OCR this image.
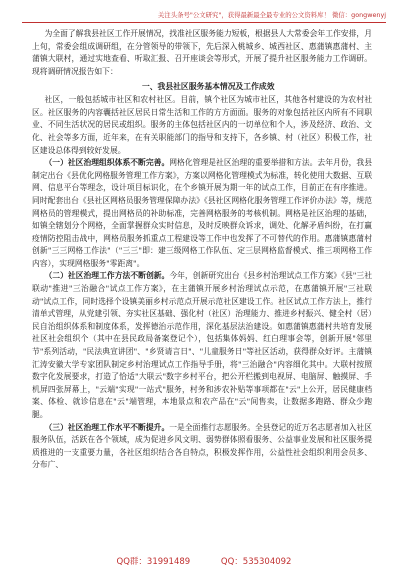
关注头条号"公文研究"，获得最新最全最专业的公文资料库！ 微信：gongwenyj

为全面了解我县社区工作开展情况，找准社区服务能力短板，根据县人大常委会年工作安排，月上旬，常委会组成调研组，在分管领导的带领下，先后深入桃城乡、城西社区、惠蒲镇惠蒲村、主蒲镇大联村，通过实地查看、听取汇报、召开座谈会等形式，开展了提升社区服务能力工作调研。现将调研情况报告如下：

一、我县社区服务基本情况及工作成效

社区，一般包括城市社区和农村社区。目前，镇个社区为城市社区，其他各村建设的为农村社区。社区服务的内容囊括社区居民日常生活和工作的方方面面。服务的对象包括社区内所有不同职业、不同生活状况的居民或组织。服务的主体包括社区内的一切单位和个人，涉及经济、政治、文化、社会等多方面，近年来，在有关职能部门的指导和支持下，各乡镇、村（社区）积极工作，社区建设总体得到较好发展。

（一）社区治理组织体系不断完善。网格化管理是社区治理的重要举措和方法。去年月份，我县制定出台《县优化网格服务管理工作方案》，方案以网格化管理模式为标准，转化使用大数据、互联网、信息平台等理念，设计项目标识化，在个乡镇开展为期一年的试点工作，目前正在有序推进。同时配套出台《县社区网格员服务管理保障办法》《县社区网格化服务管理工作评价办法》等，规范网格员的管理模式，提出网格员的补助标准，完善网格服务的考核机制。网格是社区治理的基础，如镇全辖划分个网格，全面掌握群众实时信息，及时反映群众诉求，调处、化解矛盾纠纷，在打赢疫情防控阻击战中，网格员服务抓重点工程建设等工作中也发挥了不可替代的作用。惠蒲镇惠蒲村创新"三三网格工作法"（"三三"即：建三级网格工作队伍、定三层网格监督模式、推三项网格工作内容），实现网格服务"零距离"。

（二）社区治理工作方法不断创新。今年，创新研究出台《县乡村治理试点工作方案》《县"三社联动"推进"三治融合"试点工作方案》，在主蒲镇开展乡村治理试点示范，在惠蒲镇开展"三社联动"试点工作，同时选择个设镇美丽乡村示范点开展示范社区建设工作。社区试点工作方法上，推行清单式管理，从党建引领、夯实社区基础、强化村（社区）治理能力、推进乡村振兴、健全村（居）民自治组织体系和制度体系，发挥德治示范作用，深化基层法治建设。如惠蒲镇惠蒲村共培育发展社区社会组织个（其中在县民政局备案登记个），包括集体妈妈、红白理事会等，创新开展"邻里节"系列活动，"民法典宣讲团"、"乡贤请言日"、"儿童服务日"等社区活动，获得群众好评。主蒲镇汇涛安徽大学专家团队制定乡村治理试点工作指导手册，将"三治融合"内容细化其中。大联村按照数字化发展要求，打造了恰适"大联云"数字乡村平台，把公开栏搬到电视屏、电脑屏、触摸屏、手机屏四张屏幕上，"云端"实现"一站式"服务，村务和涉农补贴等事项都在"云"上公开，居民健康档案、体检、就诊信息在"云"端管理，本地景点和农产品在"云"间售卖，让数据多跑路、群众少跑腿。

（三）社区治理工作水平不断提升。一是全面推行志愿服务。全县登记的近万名志愿者加入社区服务队伍，活跃在各个领域，成为促进乡风文明、弱势群体照看服务、公益事业发展和社区服务提质推进的一支重要力量，各社区组织结合各自特点，积极发挥作用，公益性社会组织利用会员多、分布广、

QQ群：31991489	QQ：535304092
